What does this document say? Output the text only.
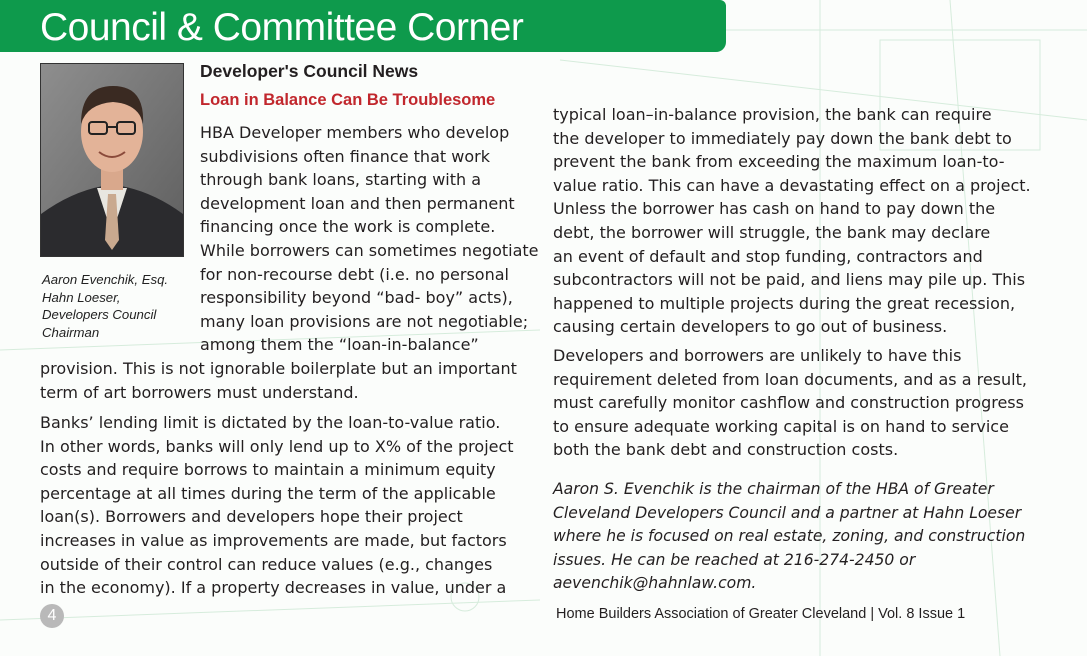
Council & Committee Corner
Aaron Evenchik, Esq.
Hahn Loeser,
Developers Council
Chairman
Developer's Council News
Loan in Balance Can Be Troublesome
HBA Developer members who develop
subdivisions often finance that work
through bank loans, starting with a
development loan and then permanent
financing once the work is complete.
While borrowers can sometimes negotiate
for non-recourse debt (i.e. no personal
responsibility beyond “bad- boy” acts),
many loan provisions are not negotiable;
among them the “loan-in-balance”
provision. This is not ignorable boilerplate but an important
term of art borrowers must understand.
Banks’ lending limit is dictated by the loan-to-value ratio.
In other words, banks will only lend up to X% of the project
costs and require borrows to maintain a minimum equity
percentage at all times during the term of the applicable
loan(s). Borrowers and developers hope their project
increases in value as improvements are made, but factors
outside of their control can reduce values (e.g., changes
in the economy). If a property decreases in value, under a
typical loan–in-balance provision, the bank can require
the developer to immediately pay down the bank debt to
prevent the bank from exceeding the maximum loan-to-
value ratio. This can have a devastating effect on a project.
Unless the borrower has cash on hand to pay down the
debt, the borrower will struggle, the bank may declare
an event of default and stop funding, contractors and
subcontractors will not be paid, and liens may pile up. This
happened to multiple projects during the great recession,
causing certain developers to go out of business.
Developers and borrowers are unlikely to have this
requirement deleted from loan documents, and as a result,
must carefully monitor cashflow and construction progress
to ensure adequate working capital is on hand to service
both the bank debt and construction costs.
Aaron S. Evenchik is the chairman of the HBA of Greater
Cleveland Developers Council and a partner at Hahn Loeser
where he is focused on real estate, zoning, and construction
issues. He can be reached at 216-274-2450 or
aevenchik@hahnlaw.com.
4	Home Builders Association of Greater Cleveland | Vol. 8 Issue 1
